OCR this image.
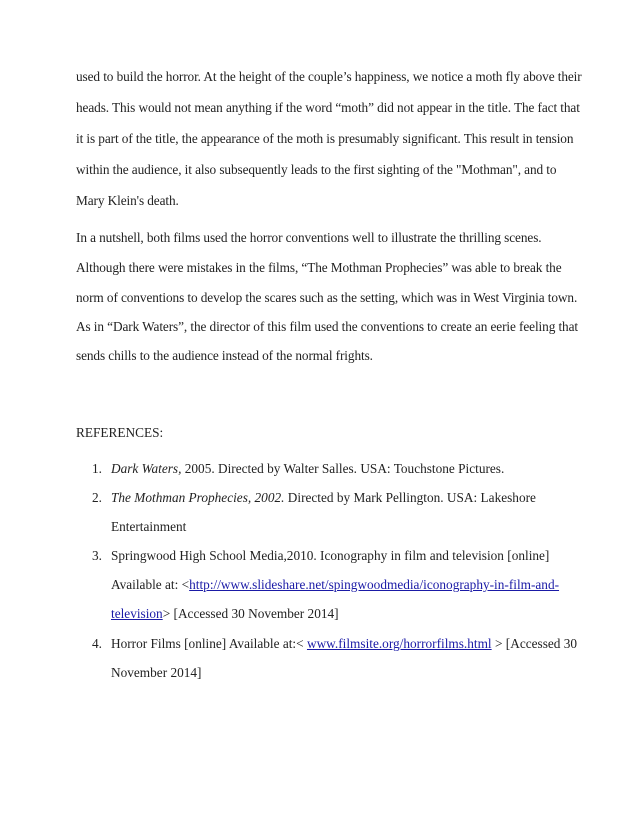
used to build the horror. At the height of the couple’s happiness, we notice a moth fly above their
heads. This would not mean anything if the word “moth” did not appear in the title. The fact that
it is part of the title, the appearance of the moth is presumably significant. This result in tension
within the audience, it also subsequently leads to the first sighting of the "Mothman", and to
Mary Klein's death.
In a nutshell, both films used the horror conventions well to illustrate the thrilling scenes.
Although there were mistakes in the films, “The Mothman Prophecies” was able to break the
norm of conventions to develop the scares such as the setting, which was in West Virginia town.
As in “Dark Waters”, the director of this film used the conventions to create an eerie feeling that
sends chills to the audience instead of the normal frights.
REFERENCES:
1. Dark Waters, 2005. Directed by Walter Salles. USA: Touchstone Pictures.
2. The Mothman Prophecies, 2002. Directed by Mark Pellington. USA: Lakeshore
Entertainment
3. Springwood High School Media,2010. Iconography in film and television [online]
Available at: <http://www.slideshare.net/spingwoodmedia/iconography-in-film-and-
television> [Accessed 30 November 2014]
4. Horror Films [online] Available at:< www.filmsite.org/horrorfilms.html > [Accessed 30
November 2014]
